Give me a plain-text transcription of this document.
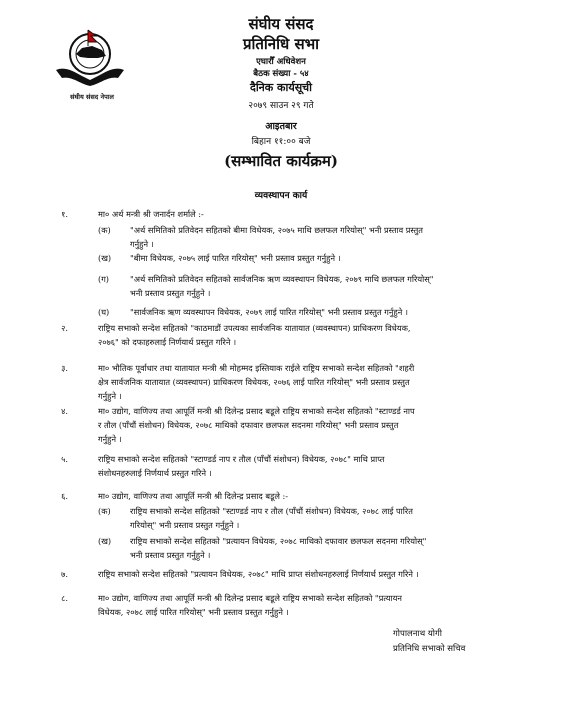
संघीय संसद नेपाल
संघीय संसद
प्रतिनिधि सभा
एघारौँ अधिवेशन
बैठक संख्या - ५४
दैनिक कार्यसूची
२०७९ साउन २९ गते
आइतबार
बिहान ११:०० बजे
(सम्भावित कार्यक्रम)
व्यवस्थापन कार्य
१.	मा० अर्थ मन्त्री श्री जनार्दन शर्माले :-
(क) "अर्थ समितिको प्रतिवेदन सहितको बीमा विधेयक, २०७५ माथि छलफल गरियोस्" भनी प्रस्ताव प्रस्तुत
गर्नुहुने ।
(ख) "बीमा विधेयक, २०७५ लाई पारित गरियोस्" भनी प्रस्ताव प्रस्तुत गर्नुहुने ।
(ग)	"अर्थ समितिको प्रतिवेदन सहितको सार्वजनिक ऋण व्यवस्थापन विधेयक, २०७९ माथि छलफल गरियोस्"
भनी प्रस्ताव प्रस्तुत गर्नुहुने ।
(घ)	"सार्वजनिक ऋण व्यवस्थापन विधेयक, २०७९ लाई पारित गरियोस्" भनी प्रस्ताव प्रस्तुत गर्नुहुने ।
२.	राष्ट्रिय सभाको सन्देश सहितको "काठमाडौं उपत्यका सार्वजनिक यातायात (व्यवस्थापन) प्राधिकरण विधेयक,
२०७६" को दफाहरुलाई निर्णयार्थ प्रस्तुत गरिने ।
३.	मा० भौतिक पूर्वाधार तथा यातायात मन्त्री श्री मोहम्मद इस्तियाक राईले राष्ट्रिय सभाको सन्देश सहितको "शहरी
क्षेत्र सार्वजनिक यातायात (व्यवस्थापन) प्राधिकरण विधेयक, २०७६ लाई पारित गरियोस्" भनी प्रस्ताव प्रस्तुत
गर्नुहुने ।
४.	मा० उद्योग, वाणिज्य तथा आपूर्ति मन्त्री श्री दिलेन्द्र प्रसाद बडूले राष्ट्रिय सभाको सन्देश सहितको "स्टाण्डर्ड नाप
र तौल (पाँचौं संशोधन) विधेयक, २०७८ माथिको दफावार छलफल सदनमा गरियोस्" भनी प्रस्ताव प्रस्तुत
गर्नुहुने ।
५.	राष्ट्रिय सभाको सन्देश सहितको "स्टाण्डर्ड नाप र तौल (पाँचौं संशोधन) विधेयक, २०७८" माथि प्राप्त
संशोधनहरुलाई निर्णयार्थ प्रस्तुत गरिने ।
६.	मा० उद्योग, वाणिज्य तथा आपूर्ति मन्त्री श्री दिलेन्द्र प्रसाद बडूले :-
(क) राष्ट्रिय सभाको सन्देश सहितको "स्टाण्डर्ड नाप र तौल (पाँचौं संशोधन) विधेयक, २०७८ लाई पारित
गरियोस्" भनी प्रस्ताव प्रस्तुत गर्नुहुने ।
(ख) राष्ट्रिय सभाको सन्देश सहितको "प्रत्यायन विधेयक, २०७८ माथिको दफावार छलफल सदनमा गरियोस्"
भनी प्रस्ताव प्रस्तुत गर्नुहुने ।
७.	राष्ट्रिय सभाको सन्देश सहितको "प्रत्यायन विधेयक, २०७८" माथि प्राप्त संशोधनहरुलाई निर्णयार्थ प्रस्तुत गरिने ।
८.	मा० उद्योग, वाणिज्य तथा आपूर्ति मन्त्री श्री दिलेन्द्र प्रसाद बडूले राष्ट्रिय सभाको सन्देश सहितको "प्रत्यायन
विधेयक, २०७८ लाई पारित गरियोस्" भनी प्रस्ताव प्रस्तुत गर्नुहुने ।
गोपालनाथ योगी
प्रतिनिधि सभाको सचिव
